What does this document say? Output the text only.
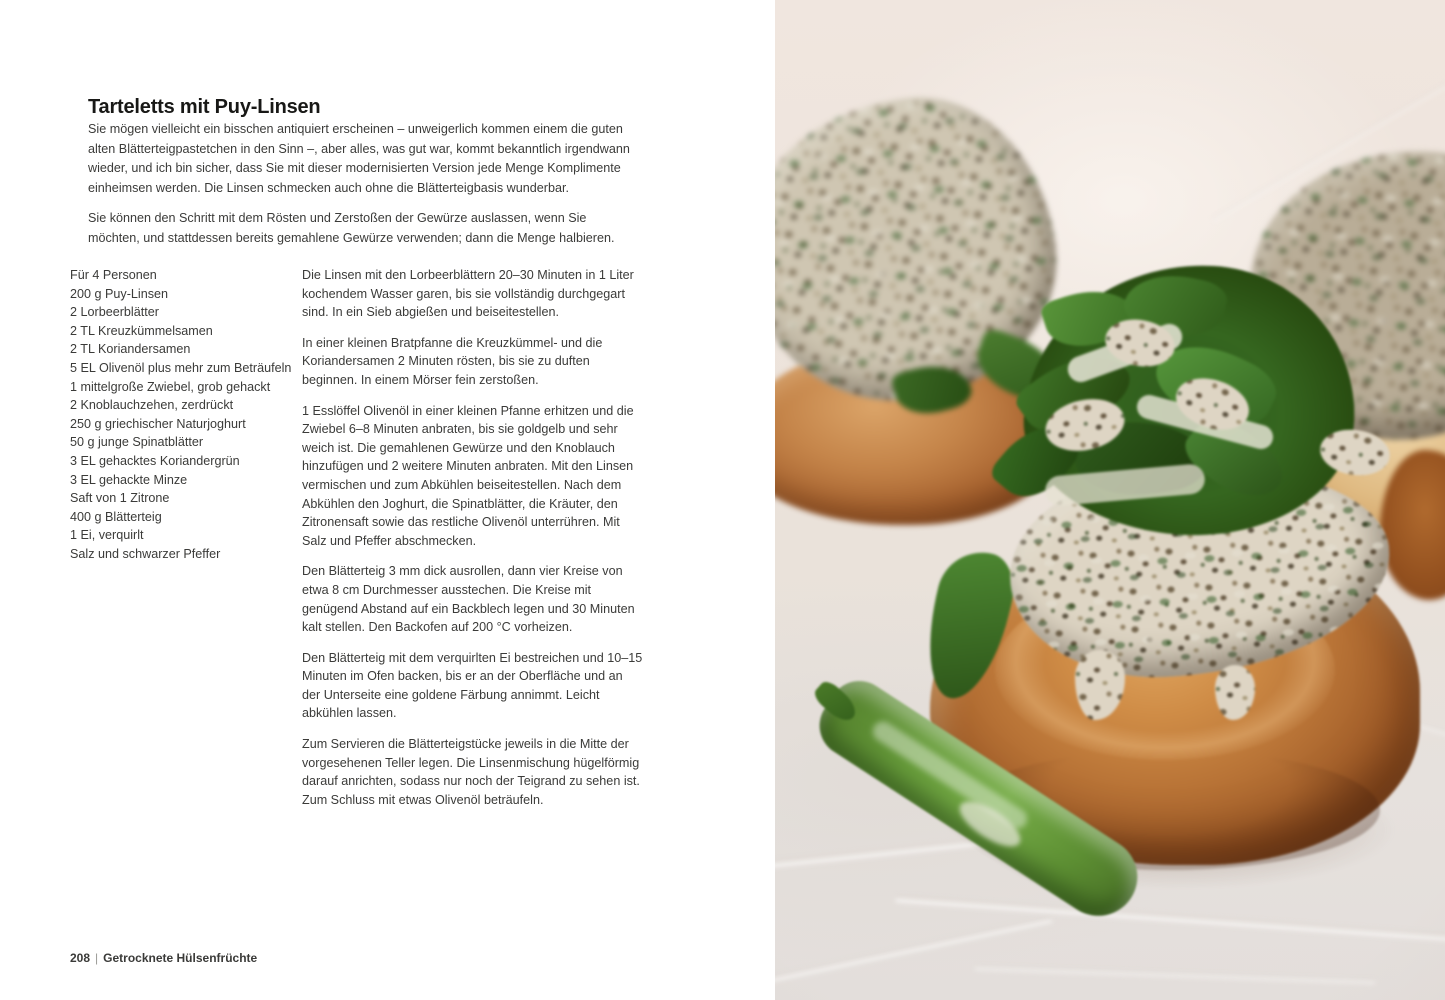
Tarteletts mit Puy-Linsen

Sie mögen vielleicht ein bisschen antiquiert erscheinen – unweigerlich kommen einem die guten alten Blätterteigpastetchen in den Sinn –, aber alles, was gut war, kommt bekanntlich irgendwann wieder, und ich bin sicher, dass Sie mit dieser modernisierten Version jede Menge Komplimente einheimsen werden. Die Linsen schmecken auch ohne die Blätterteigbasis wunderbar.

Sie können den Schritt mit dem Rösten und Zerstoßen der Gewürze auslassen, wenn Sie möchten, und stattdessen bereits gemahlene Gewürze verwenden; dann die Menge halbieren.

Für 4 Personen

200 g Puy-Linsen
2 Lorbeerblätter
2 TL Kreuzkümmelsamen
2 TL Koriandersamen
5 EL Olivenöl plus mehr zum Beträufeln
1 mittelgroße Zwiebel, grob gehackt
2 Knoblauchzehen, zerdrückt
250 g griechischer Naturjoghurt
50 g junge Spinatblätter
3 EL gehacktes Koriandergrün
3 EL gehackte Minze
Saft von 1 Zitrone
400 g Blätterteig
1 Ei, verquirlt
Salz und schwarzer Pfeffer

Die Linsen mit den Lorbeerblättern 20–30 Minuten in 1 Liter kochendem Wasser garen, bis sie vollständig durchgegart sind. In ein Sieb abgießen und beiseitestellen.

In einer kleinen Bratpfanne die Kreuzkümmel- und die Koriandersamen 2 Minuten rösten, bis sie zu duften beginnen. In einem Mörser fein zerstoßen.

1 Esslöffel Olivenöl in einer kleinen Pfanne erhitzen und die Zwiebel 6–8 Minuten anbraten, bis sie goldgelb und sehr weich ist. Die gemahlenen Gewürze und den Knoblauch hinzufügen und 2 weitere Minuten anbraten. Mit den Linsen vermischen und zum Abkühlen beiseitestellen. Nach dem Abkühlen den Joghurt, die Spinatblätter, die Kräuter, den Zitronensaft sowie das restliche Olivenöl unterrühren. Mit Salz und Pfeffer abschmecken.

Den Blätterteig 3 mm dick ausrollen, dann vier Kreise von etwa 8 cm Durchmesser ausstechen. Die Kreise mit genügend Abstand auf ein Backblech legen und 30 Minuten kalt stellen. Den Backofen auf 200 °C vorheizen.

Den Blätterteig mit dem verquirlten Ei bestreichen und 10–15 Minuten im Ofen backen, bis er an der Oberfläche und an der Unterseite eine goldene Färbung annimmt. Leicht abkühlen lassen.

Zum Servieren die Blätterteigstücke jeweils in die Mitte der vorgesehenen Teller legen. Die Linsenmischung hügelförmig darauf anrichten, sodass nur noch der Teigrand zu sehen ist. Zum Schluss mit etwas Olivenöl beträufeln.

208 | Getrocknete Hülsenfrüchte
